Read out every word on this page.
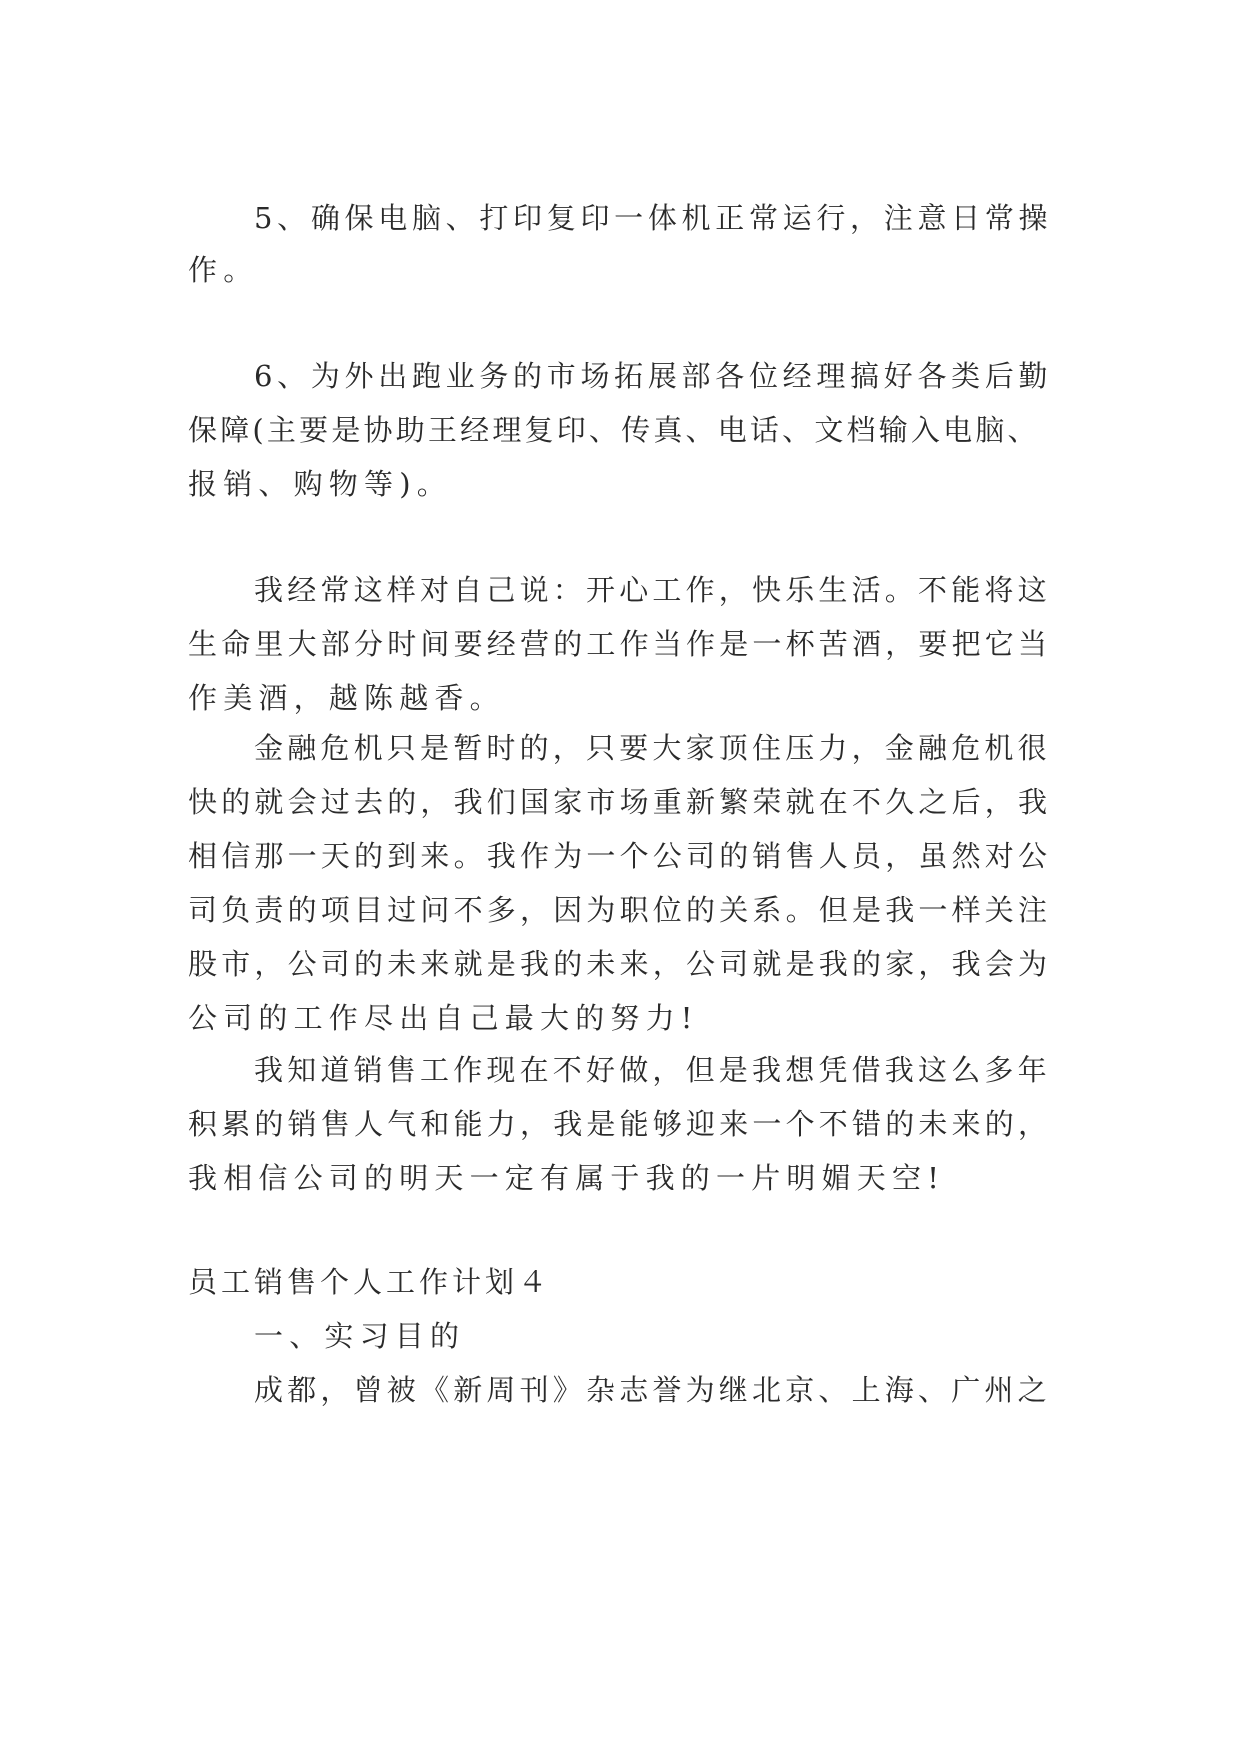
5、确保电脑、打印复印一体机正常运行，注意日常操
作。
6、为外出跑业务的市场拓展部各位经理搞好各类后勤
保障(主要是协助王经理复印、传真、电话、文档输入电脑、
报销、购物等)。
我经常这样对自己说：开心工作，快乐生活。不能将这
生命里大部分时间要经营的工作当作是一杯苦酒，要把它当
作美酒，越陈越香。
金融危机只是暂时的，只要大家顶住压力，金融危机很
快的就会过去的，我们国家市场重新繁荣就在不久之后，我
相信那一天的到来。我作为一个公司的销售人员，虽然对公
司负责的项目过问不多，因为职位的关系。但是我一样关注
股市，公司的未来就是我的未来，公司就是我的家，我会为
公司的工作尽出自己最大的努力!
我知道销售工作现在不好做，但是我想凭借我这么多年
积累的销售人气和能力，我是能够迎来一个不错的未来的，
我相信公司的明天一定有属于我的一片明媚天空!
员工销售个人工作计划４
一、实习目的
成都，曾被《新周刊》杂志誉为继北京、上海、广州之
